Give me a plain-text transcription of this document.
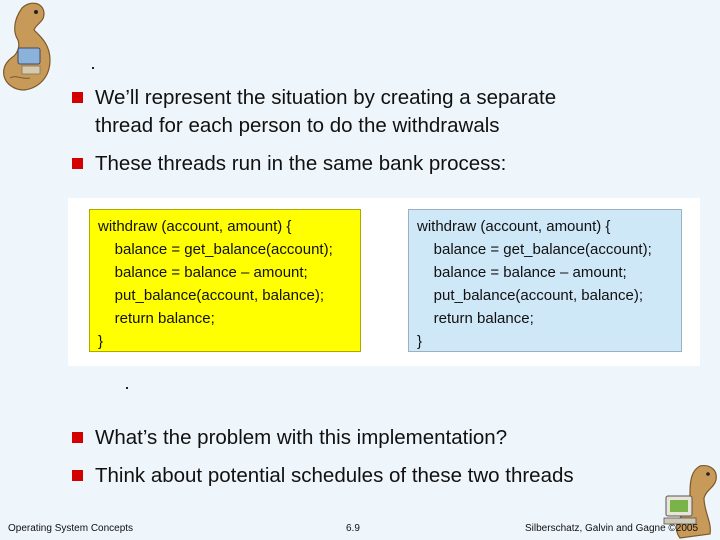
We’ll represent the situation by creating a separate
thread for each person to do the withdrawals
These threads run in the same bank process:
withdraw (account, amount) {
balance = get_balance(account);
balance = balance – amount;
put_balance(account, balance);
return balance;
}
withdraw (account, amount) {
balance = get_balance(account);
balance = balance – amount;
put_balance(account, balance);
return balance;
}
What’s the problem with this implementation?
Think about potential schedules of these two threads
Operating System Concepts	6.9	Silberschatz, Galvin and Gagne ©2005
